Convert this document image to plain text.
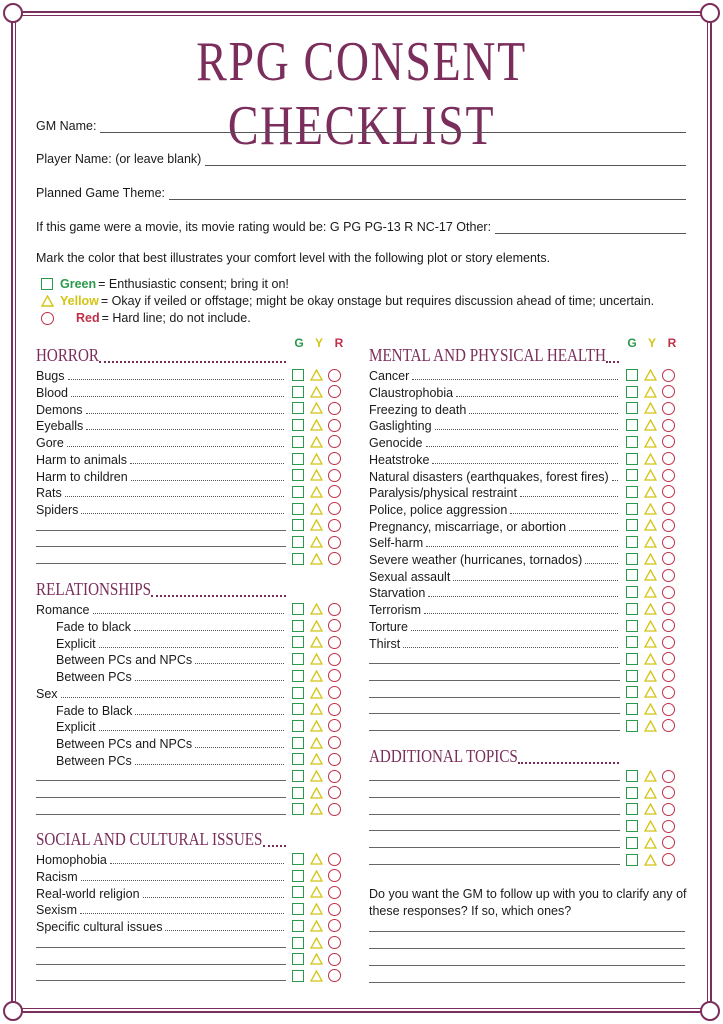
RPG CONSENT CHECKLIST
GM Name:
Player Name: (or leave blank)
Planned Game Theme:
If this game were a movie, its movie rating would be: G PG PG-13 R NC-17 Other:
Mark the color that best illustrates your comfort level with the following plot or story elements.
Green = Enthusiastic consent; bring it on!
Yellow = Okay if veiled or offstage; might be okay onstage but requires discussion ahead of time; uncertain.
Red = Hard line; do not include.
G Y R	G Y R
HORROR
Bugs
Blood
Demons
Eyeballs
Gore
Harm to animals
Harm to children
Rats
Spiders
RELATIONSHIPS
Romance
Fade to black
Explicit
Between PCs and NPCs
Between PCs
Sex
Fade to Black
Explicit
Between PCs and NPCs
Between PCs
SOCIAL AND CULTURAL ISSUES
Homophobia
Racism
Real-world religion
Sexism
Specific cultural issues
MENTAL AND PHYSICAL HEALTH
Cancer
Claustrophobia
Freezing to death
Gaslighting
Genocide
Heatstroke
Natural disasters (earthquakes, forest fires)
Paralysis/physical restraint
Police, police aggression
Pregnancy, miscarriage, or abortion
Self-harm
Severe weather (hurricanes, tornados)
Sexual assault
Starvation
Terrorism
Torture
Thirst
ADDITIONAL TOPICS
Do you want the GM to follow up with you to clarify any of these responses? If so, which ones?
